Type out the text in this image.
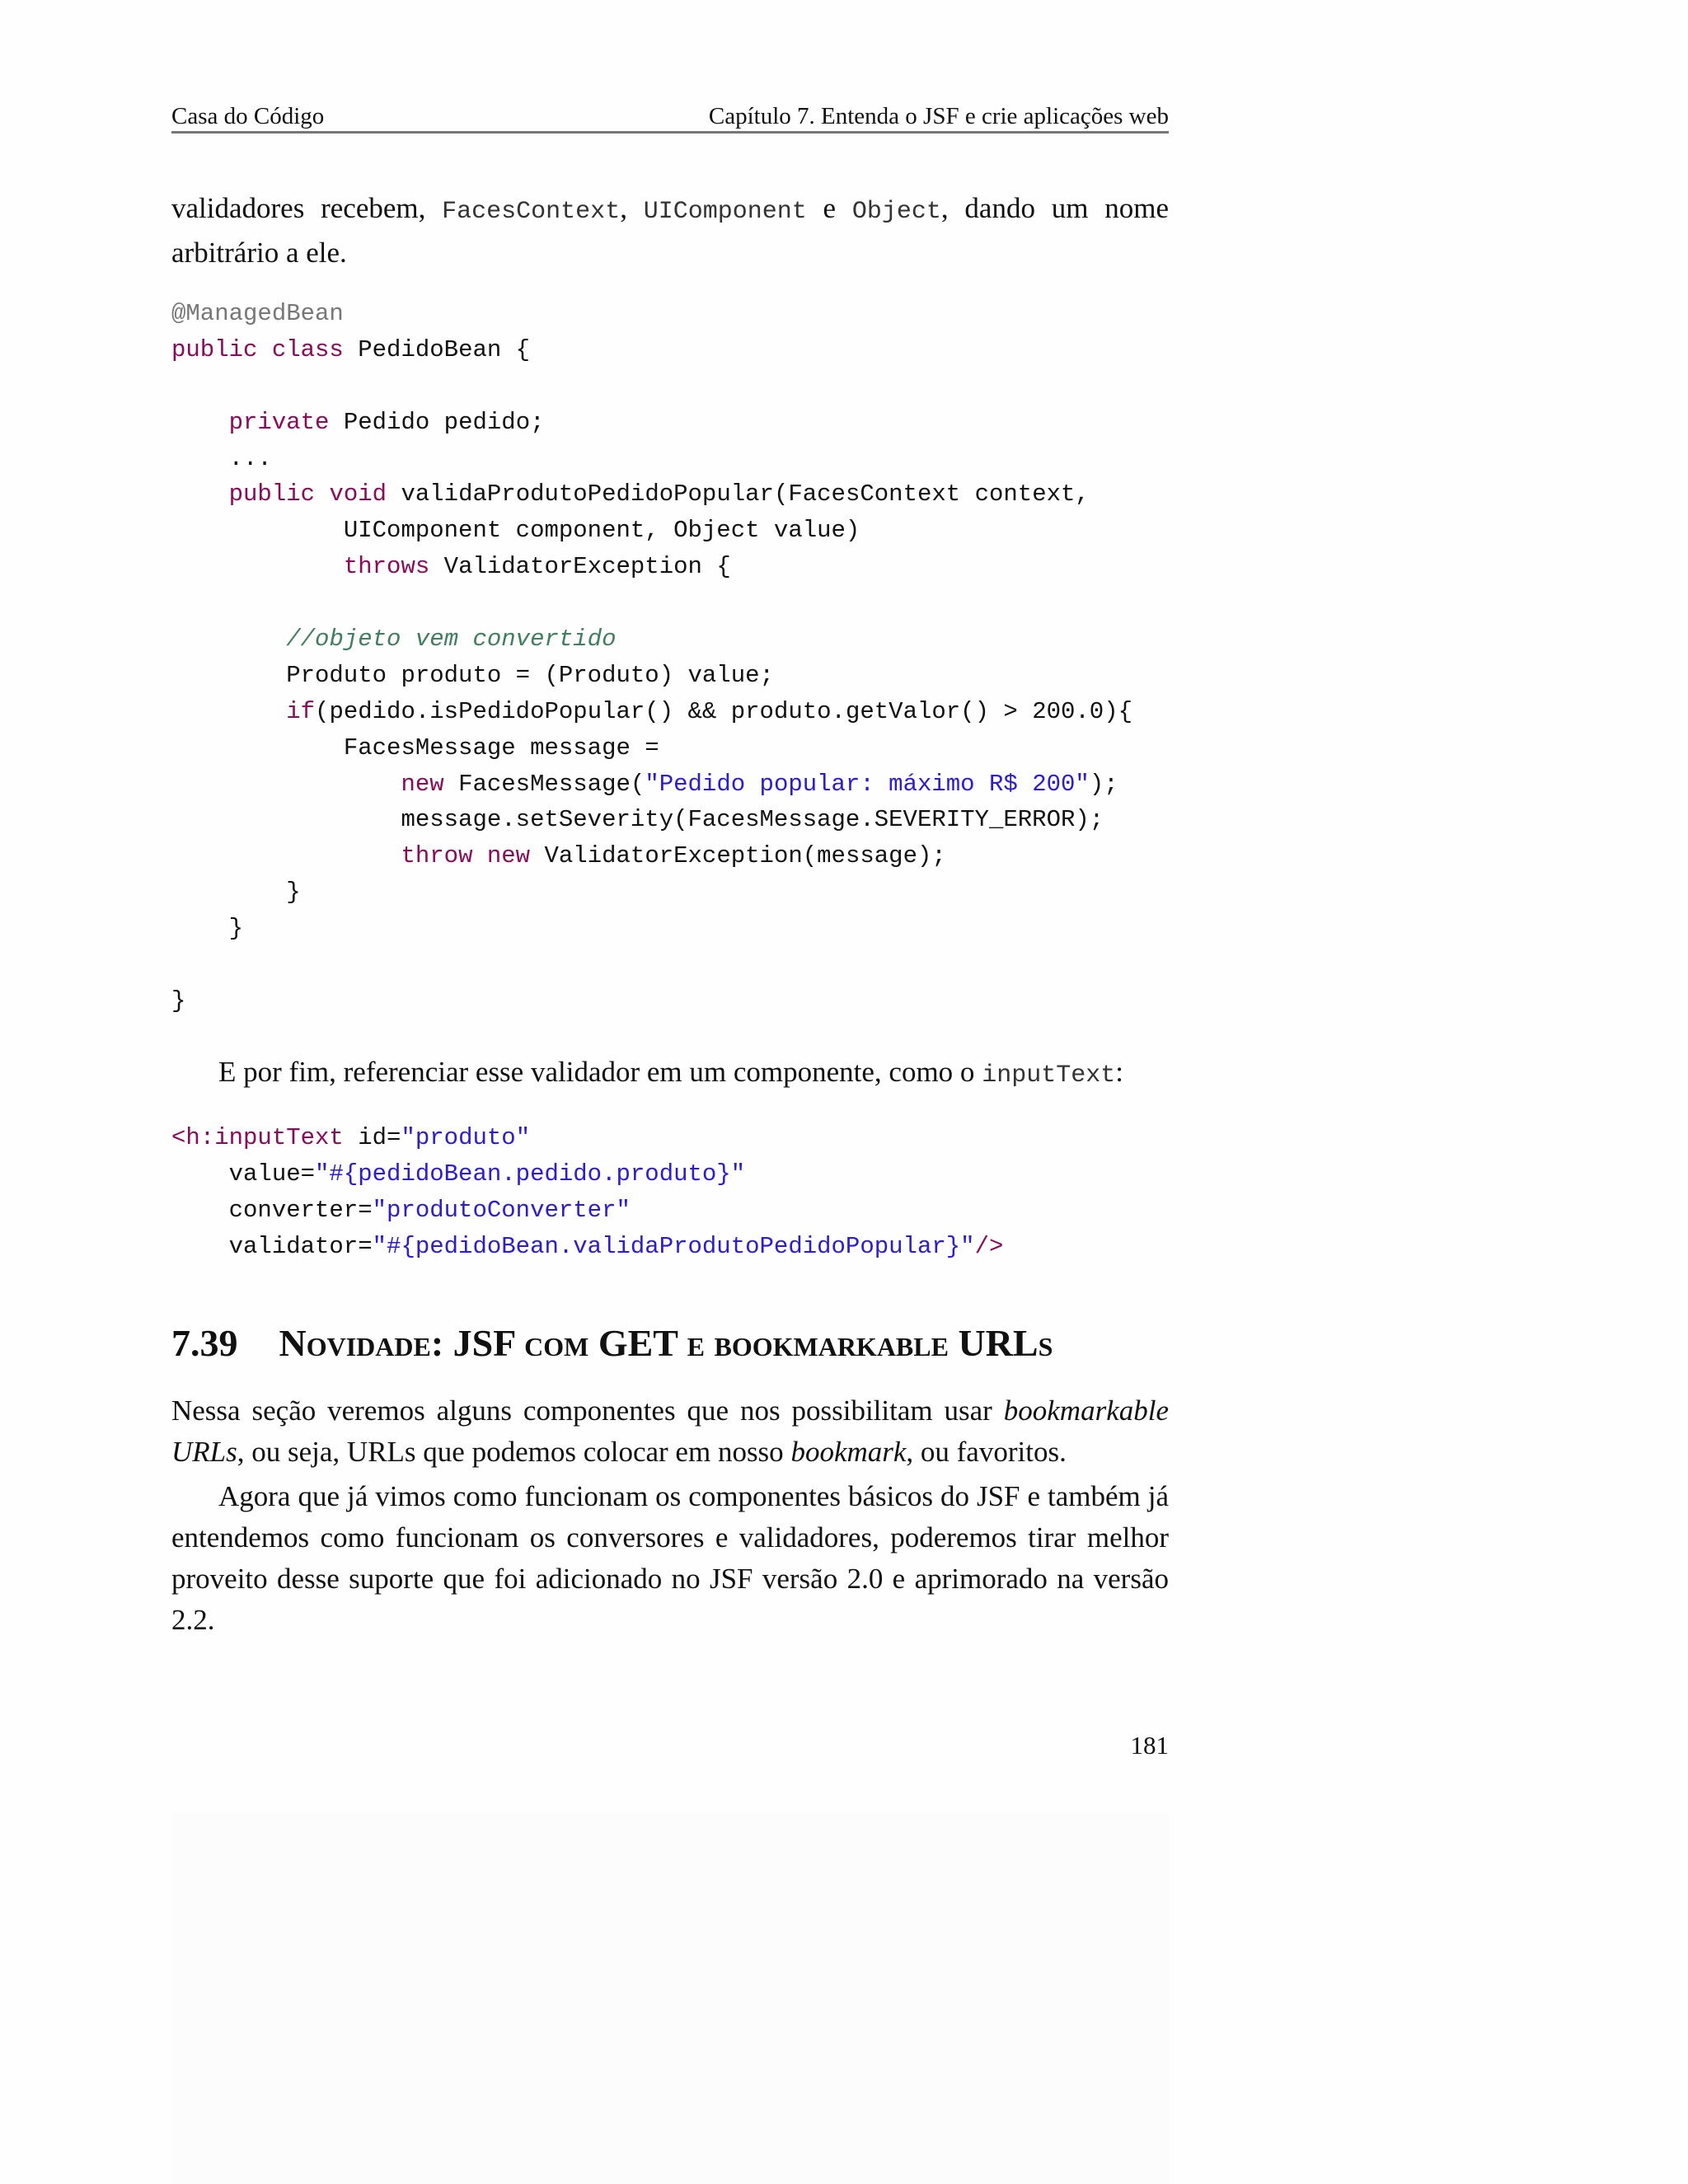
Casa do Código	Capítulo 7. Entenda o JSF e crie aplicações web

validadores recebem, FacesContext, UIComponent e Object, dando um nome arbitrário a ele.

@ManagedBean
public class PedidoBean {
private Pedido pedido;
...
public void validaProdutoPedidoPopular(FacesContext context,
UIComponent component, Object value)
throws ValidatorException {
//objeto vem convertido
Produto produto = (Produto) value;
if(pedido.isPedidoPopular() && produto.getValor() > 200.0){
FacesMessage message =
new FacesMessage("Pedido popular: máximo R$ 200");
message.setSeverity(FacesMessage.SEVERITY_ERROR);
throw new ValidatorException(message);
}
}
}

E por fim, referenciar esse validador em um componente, como o inputText:

<h:inputText id="produto"
value="#{pedidoBean.pedido.produto}"
converter="produtoConverter"
validator="#{pedidoBean.validaProdutoPedidoPopular}"/>
7.39 Novidade: JSF com GET e bookmarkable URLs

Nessa seção veremos alguns componentes que nos possibilitam usar bookmarkable URLs, ou seja, URLs que podemos colocar em nosso bookmark, ou favoritos.

Agora que já vimos como funcionam os componentes básicos do JSF e também já entendemos como funcionam os conversores e validadores, poderemos tirar melhor proveito desse suporte que foi adicionado no JSF versão 2.0 e aprimorado na versão 2.2.

181
